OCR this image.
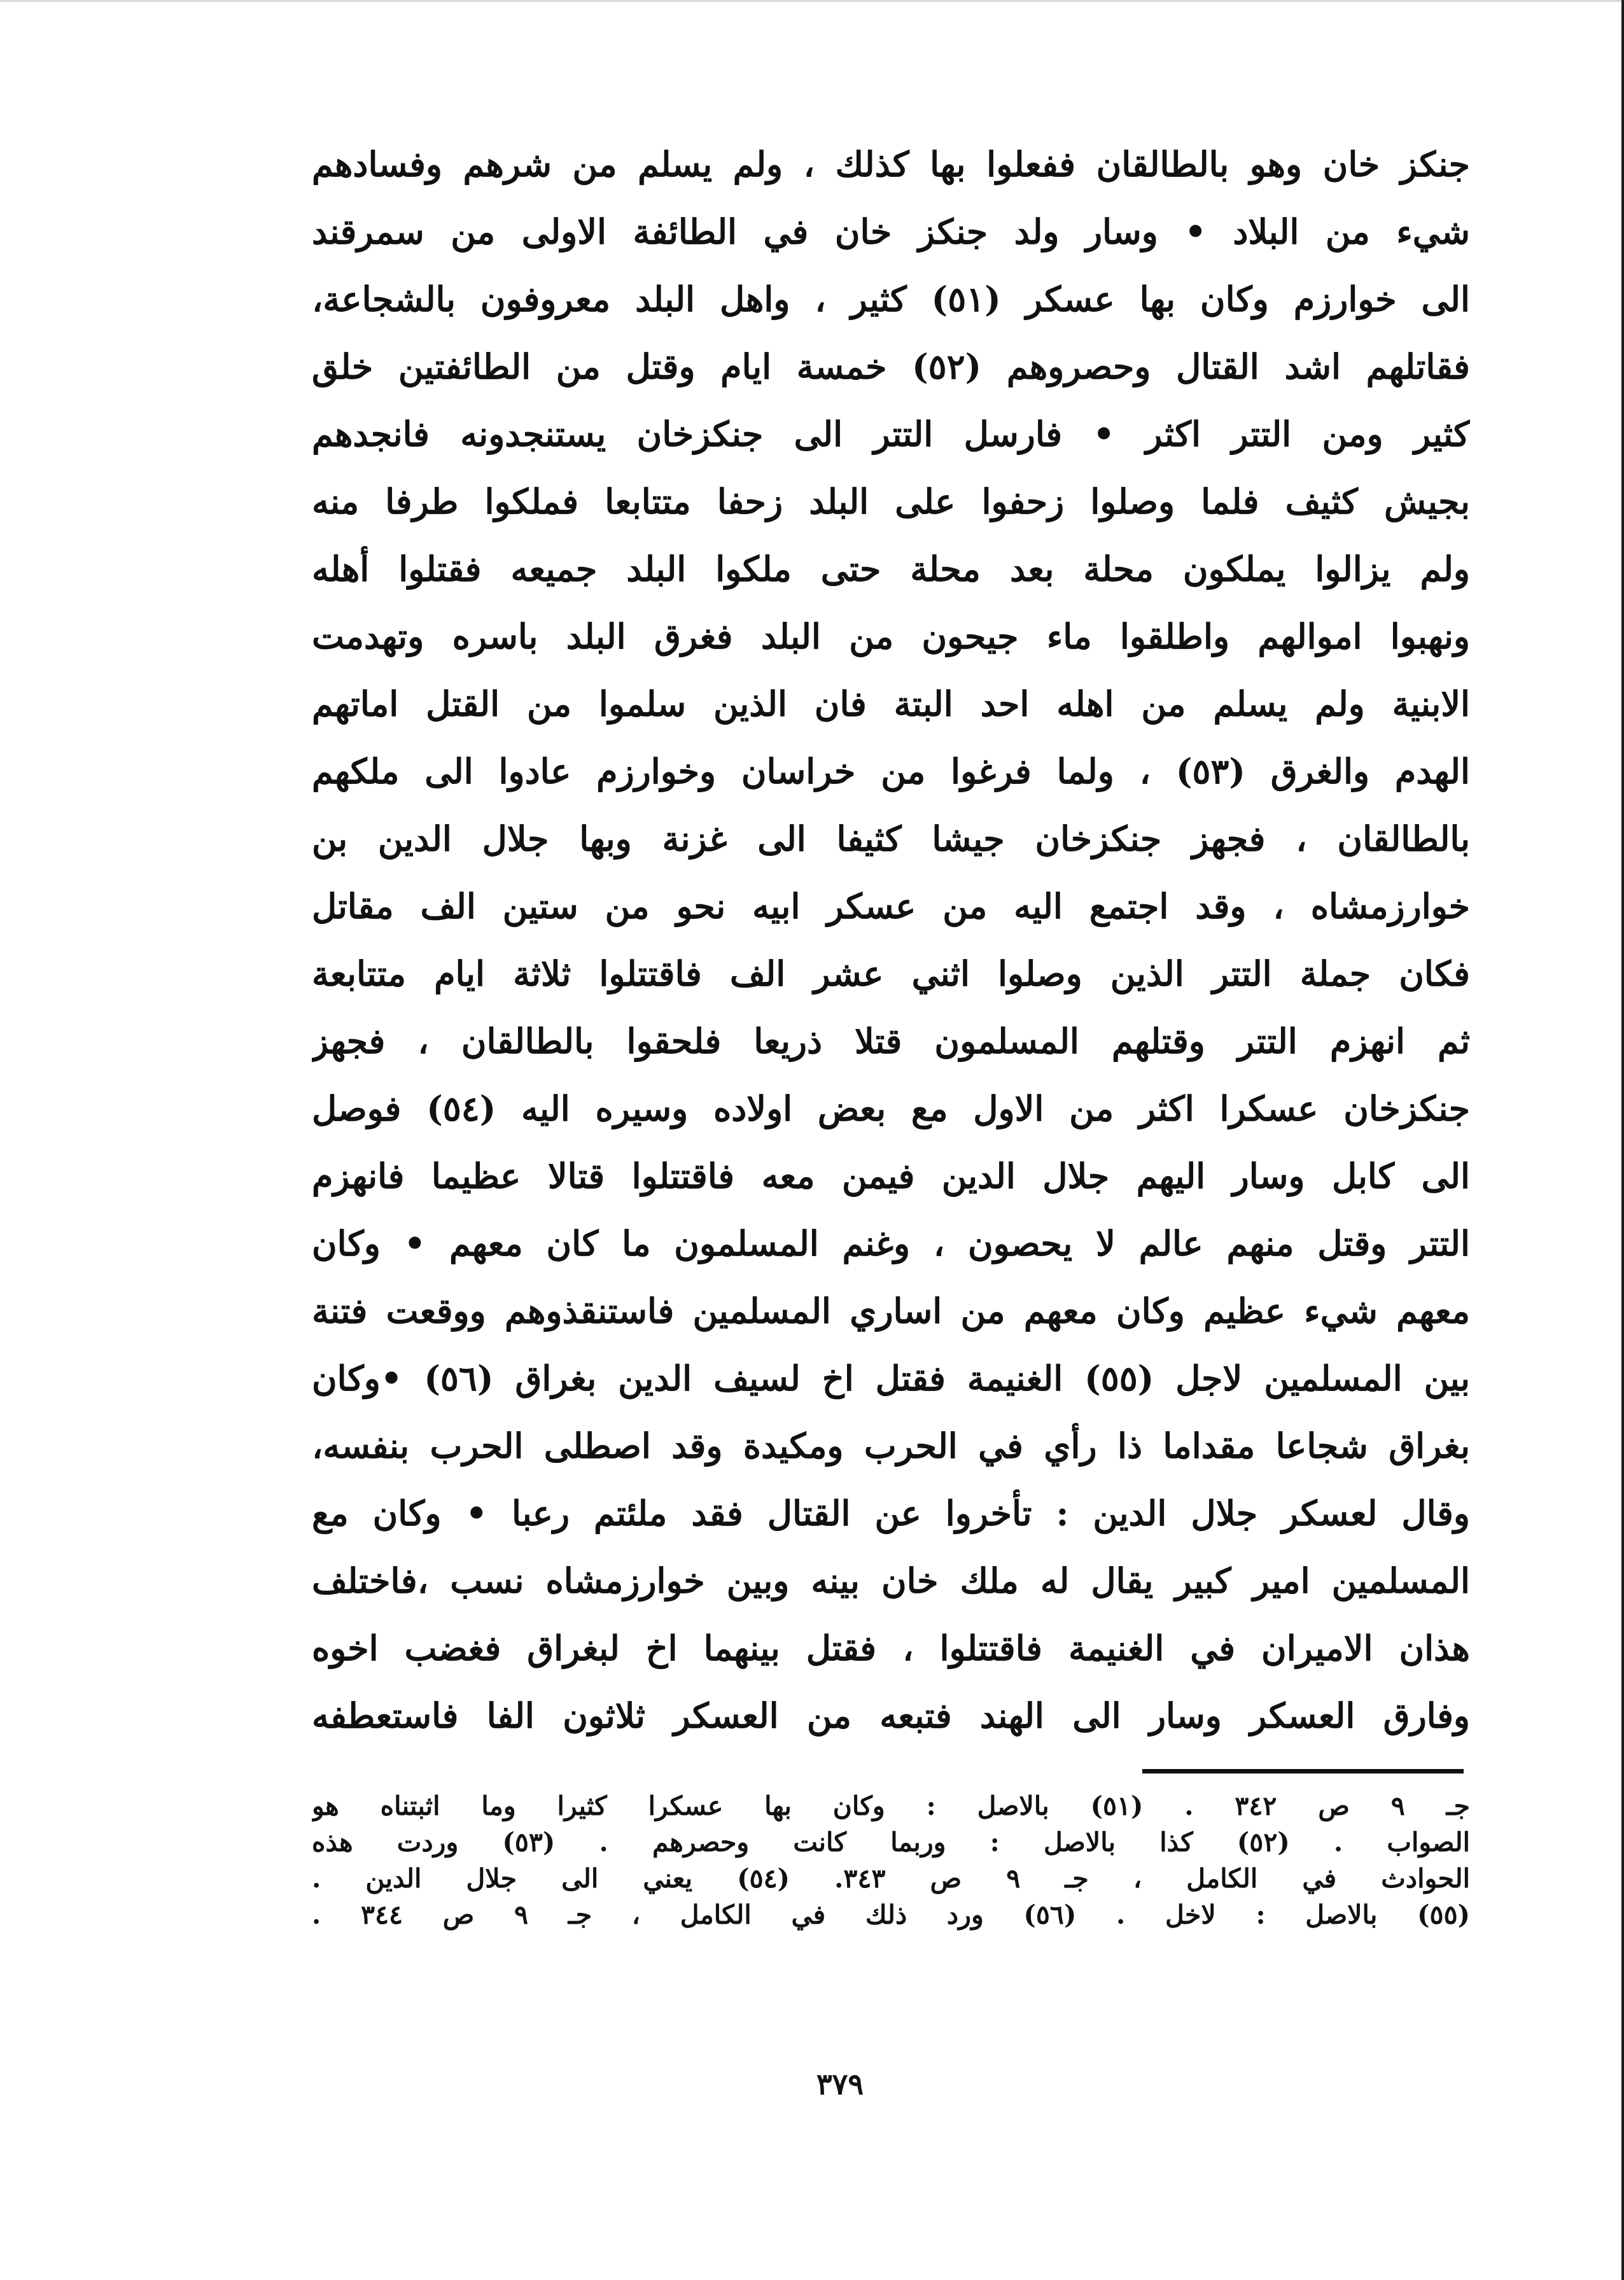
جنكز خان وهو بالطالقان ففعلوا بها كذلك ، ولم يسلم من شرهم وفسادهم
شيء من البلاد • وسار ولد جنكز خان في الطائفة الاولى من سمرقند
الى خوارزم وكان بها عسكر (٥١) كثير ، واهل البلد معروفون بالشجاعة،
فقاتلهم اشد القتال وحصروهم (٥٢) خمسة ايام وقتل من الطائفتين خلق
كثير ومن التتر اكثر • فارسل التتر الى جنكزخان يستنجدونه فانجدهم
بجيش كثيف فلما وصلوا زحفوا على البلد زحفا متتابعا فملكوا طرفا منه
ولم يزالوا يملكون محلة بعد محلة حتى ملكوا البلد جميعه فقتلوا أهله
ونهبوا اموالهم واطلقوا ماء جيحون من البلد فغرق البلد باسره وتهدمت
الابنية ولم يسلم من اهله احد البتة فان الذين سلموا من القتل اماتهم
الهدم والغرق (٥٣) ، ولما فرغوا من خراسان وخوارزم عادوا الى ملكهم
بالطالقان ، فجهز جنكزخان جيشا كثيفا الى غزنة وبها جلال الدين بن
خوارزمشاه ، وقد اجتمع اليه من عسكر ابيه نحو من ستين الف مقاتل
فكان جملة التتر الذين وصلوا اثني عشر الف فاقتتلوا ثلاثة ايام متتابعة
ثم انهزم التتر وقتلهم المسلمون قتلا ذريعا فلحقوا بالطالقان ، فجهز
جنكزخان عسكرا اكثر من الاول مع بعض اولاده وسيره اليه (٥٤) فوصل
الى كابل وسار اليهم جلال الدين فيمن معه فاقتتلوا قتالا عظيما فانهزم
التتر وقتل منهم عالم لا يحصون ، وغنم المسلمون ما كان معهم • وكان
معهم شيء عظيم وكان معهم من اساري المسلمين فاستنقذوهم ووقعت فتنة
بين المسلمين لاجل (٥٥) الغنيمة فقتل اخ لسيف الدين بغراق (٥٦) •وكان
بغراق شجاعا مقداما ذا رأي في الحرب ومكيدة وقد اصطلى الحرب بنفسه،
وقال لعسكر جلال الدين : تأخروا عن القتال فقد ملئتم رعبا • وكان مع
المسلمين امير كبير يقال له ملك خان بينه وبين خوارزمشاه نسب ،فاختلف
هذان الاميران في الغنيمة فاقتتلوا ، فقتل بينهما اخ لبغراق فغضب اخوه
وفارق العسكر وسار الى الهند فتبعه من العسكر ثلاثون الفا فاستعطفه
جـ ٩ ص ٣٤٢ . (٥١) بالاصل : وكان بها عسكرا كثيرا وما اثبتناه هو
الصواب . (٥٢) كذا بالاصل : وربما كانت وحصرهم . (٥٣) وردت هذه
الحوادث في الكامل ، جـ ٩ ص ٣٤٣. (٥٤) يعني الى جلال الدين .
(٥٥) بالاصل : لاخل . (٥٦) ورد ذلك في الكامل ، جـ ٩ ص ٣٤٤ .
٣٧٩
